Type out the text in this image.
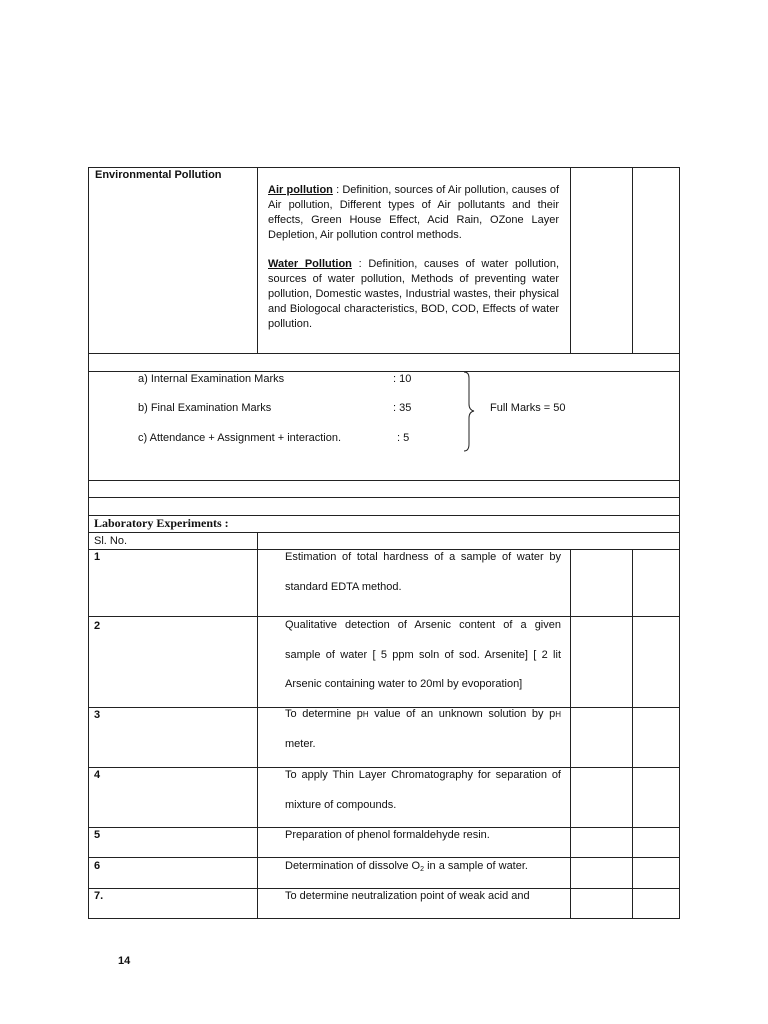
Environmental Pollution
Air pollution : Definition, sources of Air pollution, causes of Air pollution, Different types of Air pollutants and their effects, Green House Effect, Acid Rain, OZone Layer Depletion, Air pollution control methods.
Water Pollution : Definition, causes of water pollution, sources of water pollution, Methods of preventing water pollution, Domestic wastes, Industrial wastes, their physical and Biologocal characteristics, BOD, COD, Effects of water pollution.
a) Internal Examination Marks	: 10
b) Final Examination Marks	: 35
c) Attendance + Assignment + interaction.	: 5
Full Marks = 50
Laboratory Experiments :
Sl. No.
1	Estimation of total hardness of a sample of water by standard EDTA method.
2	Qualitative detection of Arsenic content of a given sample of water [ 5 ppm soln of sod. Arsenite] [ 2 lit Arsenic containing water to 20ml by evoporation]
3	To determine pH value of an unknown solution by pH meter.
4	To apply Thin Layer Chromatography for separation of mixture of compounds.
5	Preparation of phenol formaldehyde resin.
6	Determination of dissolve $O_2$ in a sample of water.
7.	To determine neutralization point of weak acid and
14
